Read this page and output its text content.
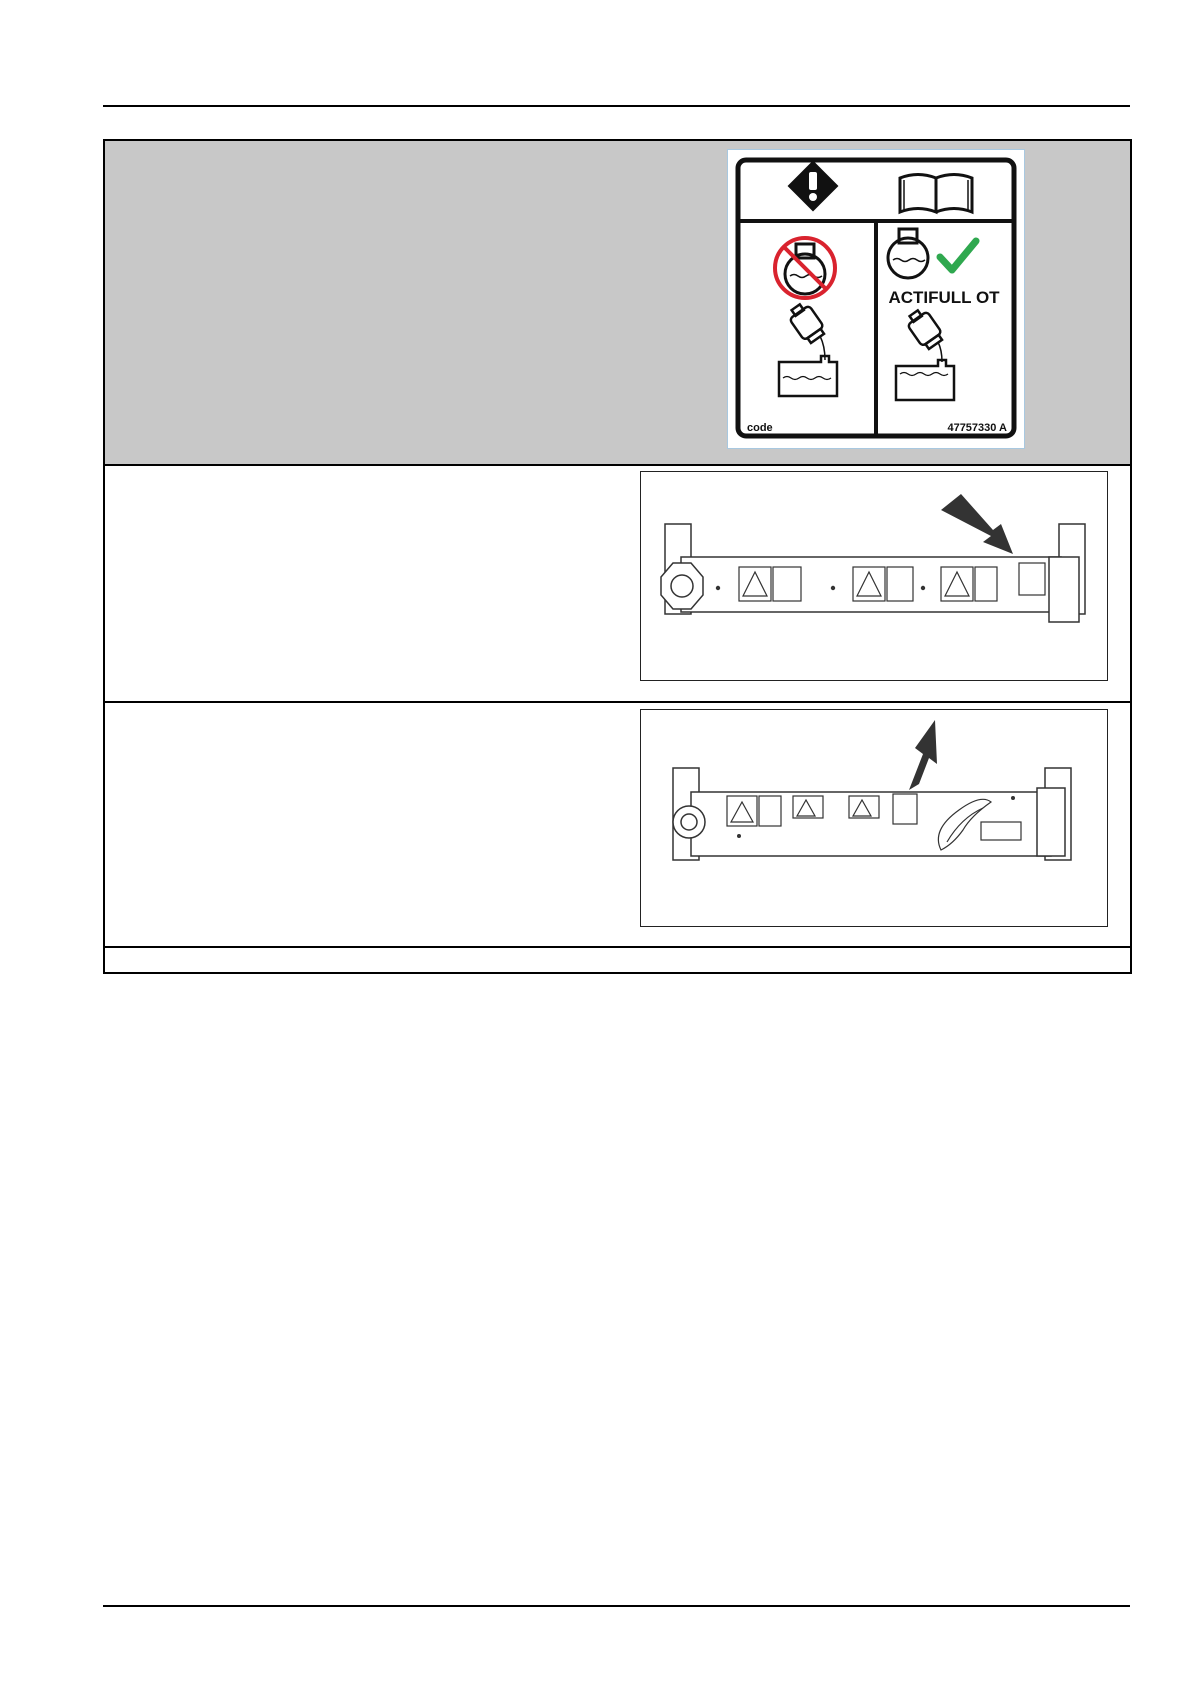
ACTIFULL OT
code	47757330 A
